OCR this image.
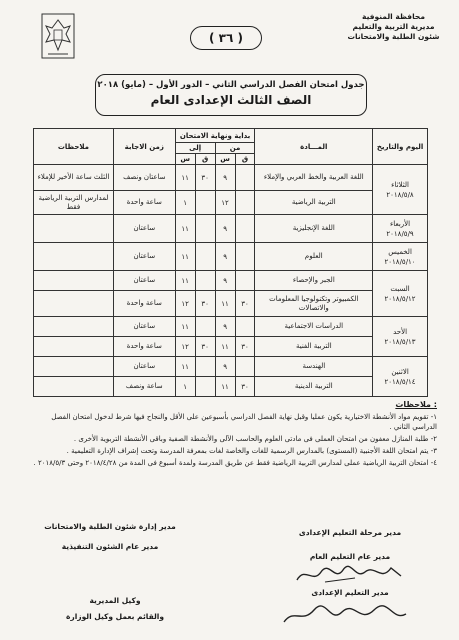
محافظة المنوفية
مديرية التربية والتعليم
شئون الطلبة والامتحانات
( ٣٦ )
جدول امتحان الفصل الدراسي الثاني – الدور الأول – (مايو) ٢٠١٨
الصف الثالث الإعدادى العام
اليوم والتاريخ	المـــادة	بداية ونهاية الامتحان				زمن الاجابة	ملاحظات
		من		إلى			
		ق	س	ق	س		

الثلاثاء
٢٠١٨/٥/٨	اللغة العربية والخط العربي والإملاء		٩	٣٠	١١	ساعتان ونصف	الثلث ساعة الأخير للإملاء
	التربية الرياضية		١٢		١	ساعة واحدة	لمدارس التربية الرياضية فقط

الأربعاء
٢٠١٨/٥/٩	اللغة الإنجليزية		٩		١١	ساعتان	

الخميس
٢٠١٨/٥/١٠	العلوم		٩		١١	ساعتان	

السبت
٢٠١٨/٥/١٢	الجبر والإحصاء		٩		١١	ساعتان	
	الكمبيوتر وتكنولوجيا المعلومات والاتصالات	٣٠	١١	٣٠	١٢	ساعة واحدة	

الأحد
٢٠١٨/٥/١٣	الدراسات الاجتماعية		٩		١١	ساعتان	
	التربية الفنية	٣٠	١١	٣٠	١٢	ساعة واحدة	

الاثنين
٢٠١٨/٥/١٤	الهندسة		٩		١١	ساعتان	
	التربية الدينية	٣٠	١١		١	ساعة ونصف	
ملاحظات :
١- تقويم مواد الأنشطة الاختيارية يكون عمليا وقبل نهاية الفصل الدراسي بأسبوعين على الأقل والنجاح فيها شرط لدخول امتحان الفصل الدراسي الثاني .
٢- طلبة المنازل معفون من امتحان العملى فى مادتى العلوم والحاسب الآلى والأنشطة الصفية وباقى الأنشطة التربوية الأخرى .
٣- يتم امتحان اللغة الأجنبية (المستوى) بالمدارس الرسمية للغات والخاصة لغات بمعرفة المدرسة وتحت إشراف الإدارة التعليمية .
٤- امتحان التربية الرياضية عملى لمدارس التربية الرياضية فقط عن طريق المدرسة ولمدة أسبوع فى المدة من ٢٠١٨/٤/٢٨ وحتى ٢٠١٨/٥/٣ .
مدير إدارة شئون الطلبة والامتحانات
مدير عام الشئون التنفيذية
مدير مرحلة التعليم الإعدادى
مدير عام التعليم العام
مدير التعليم الإعدادى
وكيل المديرية
والقائم بعمل وكيل الوزارة
